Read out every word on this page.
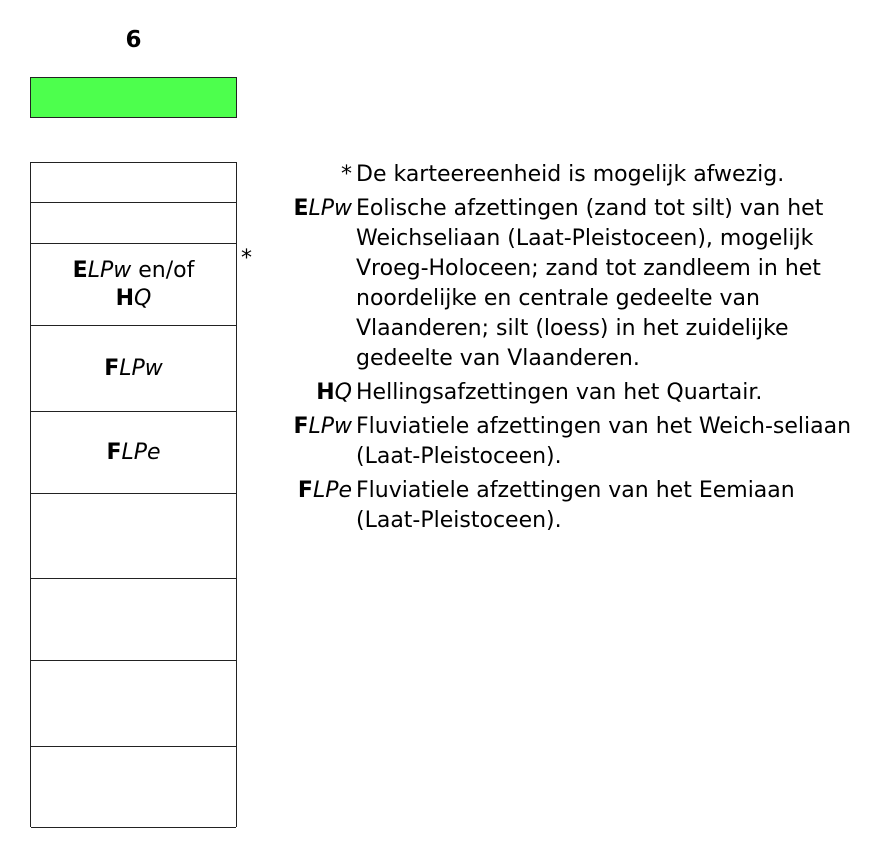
6
ELPw en/of
HQ
FLPw
FLPe
*
* De karteereenheid is mogelijk afwezig.
ELPw Eolische afzettingen (zand tot silt) van het Weichseliaan (Laat-Pleistoceen), mogelijk Vroeg-Holoceen; zand tot zandleem in het noordelijke en centrale gedeelte van Vlaanderen; silt (loess) in het zuidelijke gedeelte van Vlaanderen.
HQ Hellingsafzettingen van het Quartair.
FLPw Fluviatiele afzettingen van het Weich-seliaan (Laat-Pleistoceen).
FLPe Fluviatiele afzettingen van het Eemiaan (Laat-Pleistoceen).
